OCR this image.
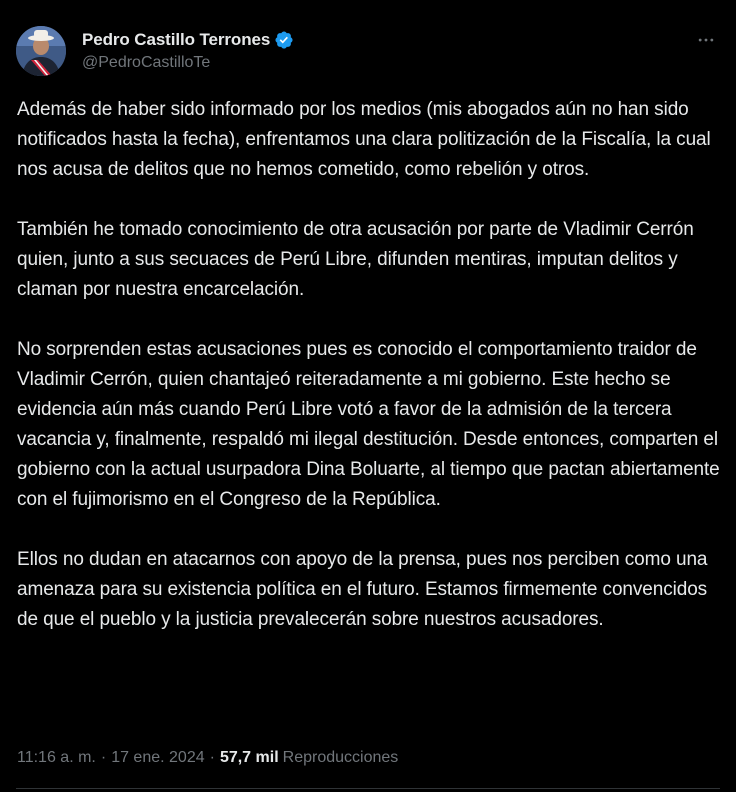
Pedro Castillo Terrones
@PedroCastilloTe

Además de haber sido informado por los medios (mis abogados aún no han sido notificados hasta la fecha), enfrentamos una clara politización de la Fiscalía, la cual nos acusa de delitos que no hemos cometido, como rebelión y otros.

También he tomado conocimiento de otra acusación por parte de Vladimir Cerrón quien, junto a sus secuaces de Perú Libre, difunden mentiras, imputan delitos y claman por nuestra encarcelación.

No sorprenden estas acusaciones pues es conocido el comportamiento traidor de Vladimir Cerrón, quien chantajeó reiteradamente a mi gobierno. Este hecho se evidencia aún más cuando Perú Libre votó a favor de la admisión de la tercera vacancia y, finalmente, respaldó mi ilegal destitución. Desde entonces, comparten el gobierno con la actual usurpadora Dina Boluarte, al tiempo que pactan abiertamente con el fujimorismo en el Congreso de la República.

Ellos no dudan en atacarnos con apoyo de la prensa, pues nos perciben como una amenaza para su existencia política en el futuro. Estamos firmemente convencidos de que el pueblo y la justicia prevalecerán sobre nuestros acusadores.

11:16 a. m. · 17 ene. 2024 · 57,7 mil Reproducciones
